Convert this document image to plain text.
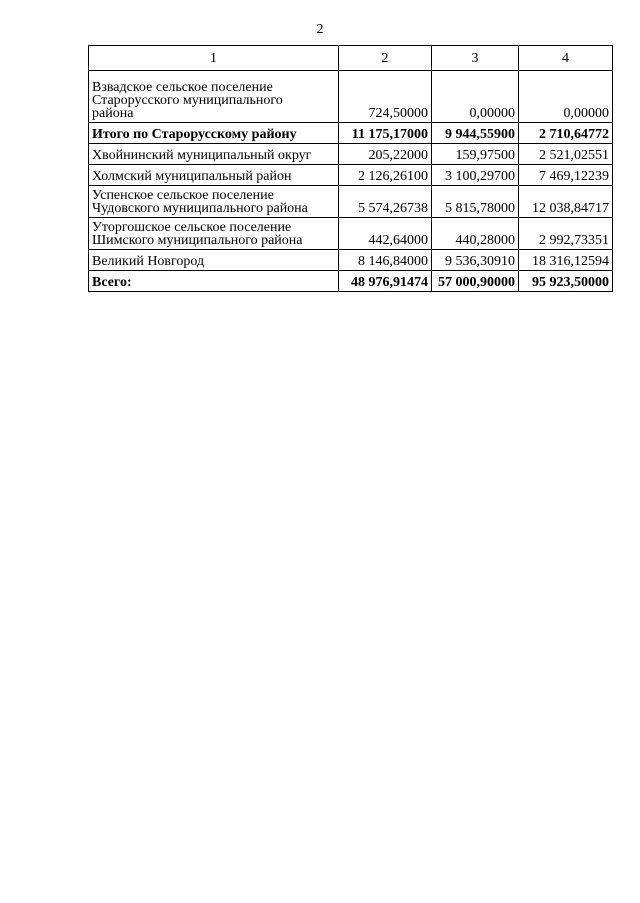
2
1	2	3	4

Взвадское сельское поселение
Старорусского муниципального
района	724,50000	0,00000	0,00000

Итого по Старорусскому району	11 175,17000	9 944,55900	2 710,64772

Хвойнинский муниципальный округ	205,22000	159,97500	2 521,02551

Холмский муниципальный район	2 126,26100	3 100,29700	7 469,12239

Успенское сельское поселение
Чудовского муниципального района	5 574,26738	5 815,78000	12 038,84717

Уторгошское сельское поселение
Шимского муниципального района	442,64000	440,28000	2 992,73351

Великий Новгород	8 146,84000	9 536,30910	18 316,12594

Всего:	48 976,91474	57 000,90000	95 923,50000
